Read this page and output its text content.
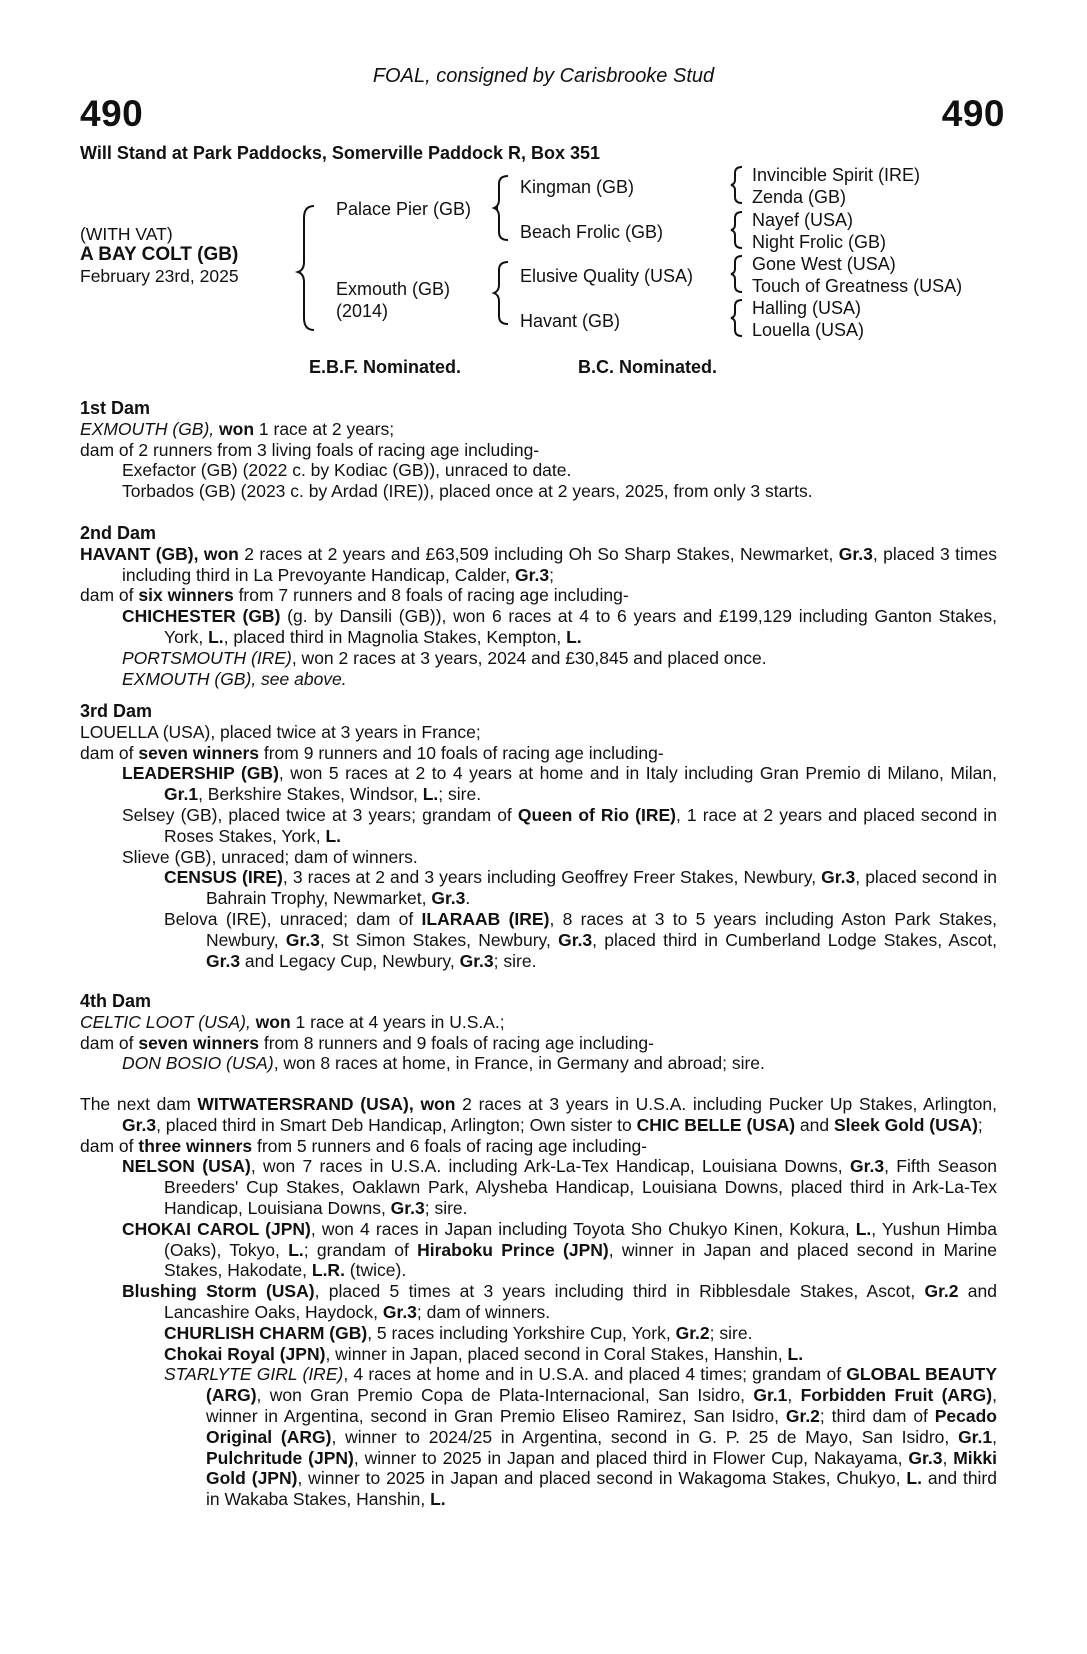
FOAL, consigned by Carisbrooke Stud
490	490
Will Stand at Park Paddocks, Somerville Paddock R, Box 351
(WITH VAT)
A BAY COLT (GB)
February 23rd, 2025
Palace Pier (GB)
Exmouth (GB)
(2014)
Kingman (GB)
Beach Frolic (GB)
Elusive Quality (USA)
Havant (GB)
Invincible Spirit (IRE)
Zenda (GB)
Nayef (USA)
Night Frolic (GB)
Gone West (USA)
Touch of Greatness (USA)
Halling (USA)
Louella (USA)
E.B.F. Nominated.	B.C. Nominated.

1st Dam

EXMOUTH (GB), won 1 race at 2 years;

dam of 2 runners from 3 living foals of racing age including-

Exefactor (GB) (2022 c. by Kodiac (GB)), unraced to date.

Torbados (GB) (2023 c. by Ardad (IRE)), placed once at 2 years, 2025, from only 3 starts.

2nd Dam

HAVANT (GB), won 2 races at 2 years and £63,509 including Oh So Sharp Stakes, Newmarket, Gr.3, placed 3 times including third in La Prevoyante Handicap, Calder, Gr.3;

dam of six winners from 7 runners and 8 foals of racing age including-

CHICHESTER (GB) (g. by Dansili (GB)), won 6 races at 4 to 6 years and £199,129 including Ganton Stakes, York, L., placed third in Magnolia Stakes, Kempton, L.

PORTSMOUTH (IRE), won 2 races at 3 years, 2024 and £30,845 and placed once.

EXMOUTH (GB), see above.

3rd Dam

LOUELLA (USA), placed twice at 3 years in France;

dam of seven winners from 9 runners and 10 foals of racing age including-

LEADERSHIP (GB), won 5 races at 2 to 4 years at home and in Italy including Gran Premio di Milano, Milan, Gr.1, Berkshire Stakes, Windsor, L.; sire.

Selsey (GB), placed twice at 3 years; grandam of Queen of Rio (IRE), 1 race at 2 years and placed second in Roses Stakes, York, L.

Slieve (GB), unraced; dam of winners.

CENSUS (IRE), 3 races at 2 and 3 years including Geoffrey Freer Stakes, Newbury, Gr.3, placed second in Bahrain Trophy, Newmarket, Gr.3.

Belova (IRE), unraced; dam of ILARAAB (IRE), 8 races at 3 to 5 years including Aston Park Stakes, Newbury, Gr.3, St Simon Stakes, Newbury, Gr.3, placed third in Cumberland Lodge Stakes, Ascot, Gr.3 and Legacy Cup, Newbury, Gr.3; sire.

4th Dam

CELTIC LOOT (USA), won 1 race at 4 years in U.S.A.;

dam of seven winners from 8 runners and 9 foals of racing age including-

DON BOSIO (USA), won 8 races at home, in France, in Germany and abroad; sire.

The next dam WITWATERSRAND (USA), won 2 races at 3 years in U.S.A. including Pucker Up Stakes, Arlington, Gr.3, placed third in Smart Deb Handicap, Arlington; Own sister to CHIC BELLE (USA) and Sleek Gold (USA);

dam of three winners from 5 runners and 6 foals of racing age including-

NELSON (USA), won 7 races in U.S.A. including Ark-La-Tex Handicap, Louisiana Downs, Gr.3, Fifth Season Breeders' Cup Stakes, Oaklawn Park, Alysheba Handicap, Louisiana Downs, placed third in Ark-La-Tex Handicap, Louisiana Downs, Gr.3; sire.

CHOKAI CAROL (JPN), won 4 races in Japan including Toyota Sho Chukyo Kinen, Kokura, L., Yushun Himba (Oaks), Tokyo, L.; grandam of Hiraboku Prince (JPN), winner in Japan and placed second in Marine Stakes, Hakodate, L.R. (twice).

Blushing Storm (USA), placed 5 times at 3 years including third in Ribblesdale Stakes, Ascot, Gr.2 and Lancashire Oaks, Haydock, Gr.3; dam of winners.

CHURLISH CHARM (GB), 5 races including Yorkshire Cup, York, Gr.2; sire.

Chokai Royal (JPN), winner in Japan, placed second in Coral Stakes, Hanshin, L.

STARLYTE GIRL (IRE), 4 races at home and in U.S.A. and placed 4 times; grandam of GLOBAL BEAUTY (ARG), won Gran Premio Copa de Plata-Internacional, San Isidro, Gr.1, Forbidden Fruit (ARG), winner in Argentina, second in Gran Premio Eliseo Ramirez, San Isidro, Gr.2; third dam of Pecado Original (ARG), winner to 2024/25 in Argentina, second in G. P. 25 de Mayo, San Isidro, Gr.1, Pulchritude (JPN), winner to 2025 in Japan and placed third in Flower Cup, Nakayama, Gr.3, Mikki Gold (JPN), winner to 2025 in Japan and placed second in Wakagoma Stakes, Chukyo, L. and third in Wakaba Stakes, Hanshin, L.
